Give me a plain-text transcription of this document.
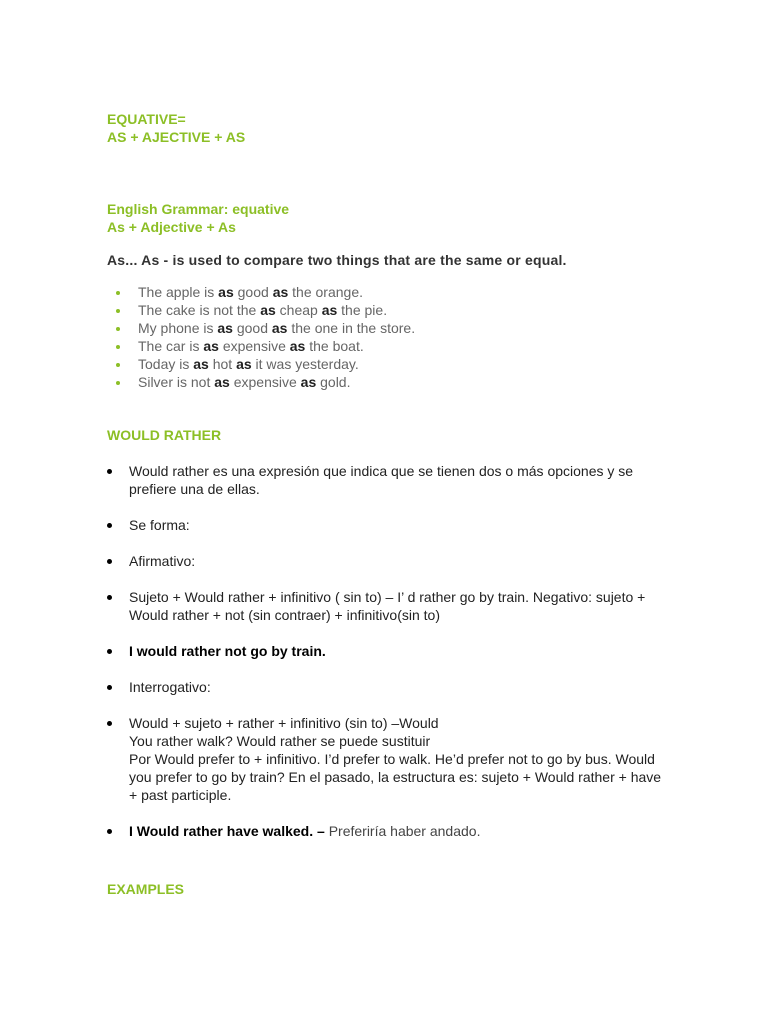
EQUATIVE=
AS + AJECTIVE + AS
English Grammar: equative
As + Adjective + As
As... As - is used to compare two things that are the same or equal.
The apple is as good as the orange.
The cake is not the as cheap as the pie.
My phone is as good as the one in the store.
The car is as expensive as the boat.
Today is as hot as it was yesterday.
Silver is not as expensive as gold.
WOULD RATHER
Would rather es una expresión que indica que se tienen dos o más opciones y se prefiere una de ellas.
Se forma:
Afirmativo:
Sujeto + Would rather + infinitivo ( sin to) – I’ d rather go by train. Negativo: sujeto + Would rather + not (sin contraer) + infinitivo(sin to)
I would rather not go by train.
Interrogativo:
Would + sujeto + rather + infinitivo (sin to) –Would
You rather walk? Would rather se puede sustituir
Por Would prefer to + infinitivo. I’d prefer to walk. He’d prefer not to go by bus. Would you prefer to go by train? En el pasado, la estructura es: sujeto + Would rather + have + past participle.
I Would rather have walked. – Preferiría haber andado.
EXAMPLES
